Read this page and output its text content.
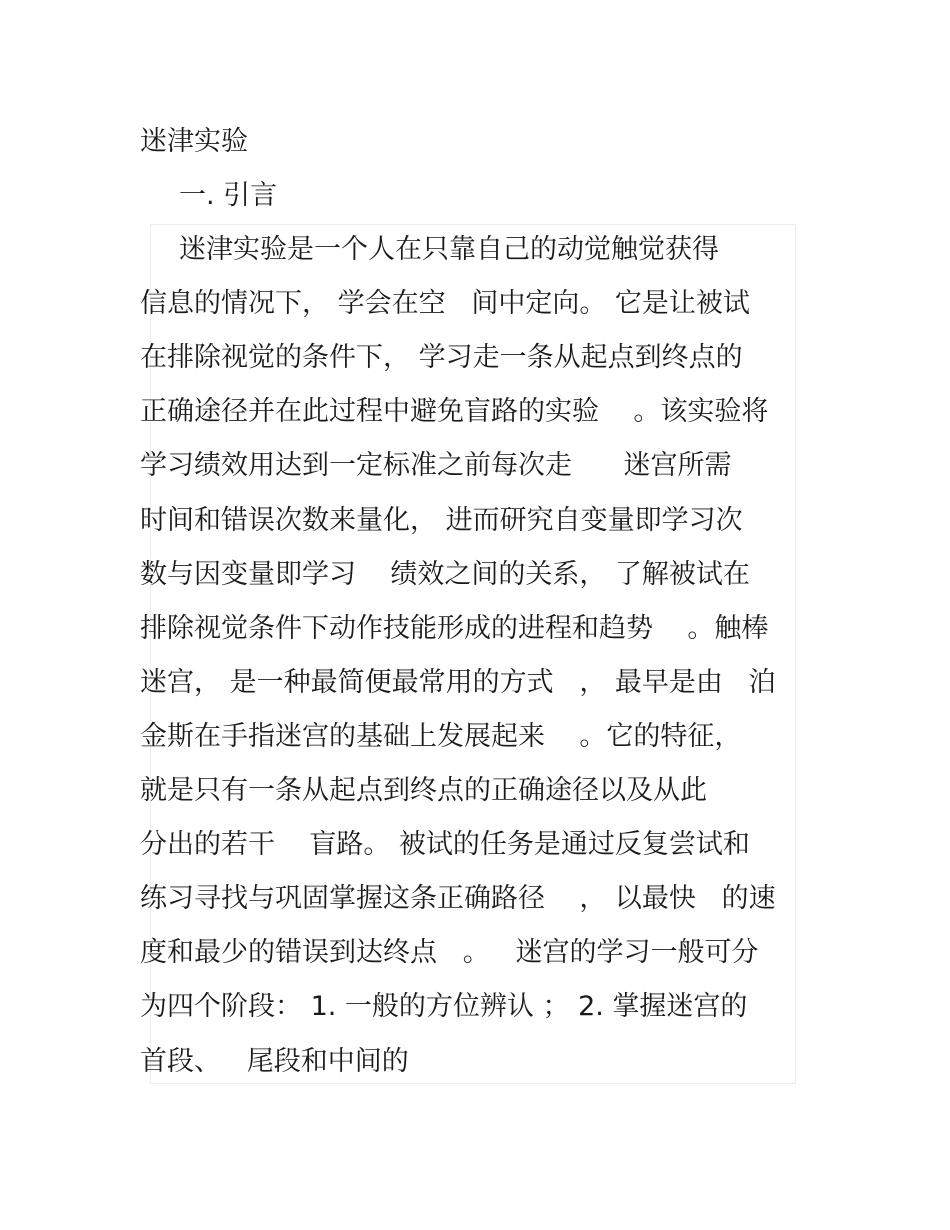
迷津实验
一. 引言
迷津实验是一个人在只靠自己的动觉触觉获得
信息的情况下， 学会在空   间中定向。 它是让被试
在排除视觉的条件下， 学习走一条从起点到终点的
正确途径并在此过程中避免盲路的实验    。该实验将
学习绩效用达到一定标准之前每次走      迷宫所需
时间和错误次数来量化， 进而研究自变量即学习次
数与因变量即学习    绩效之间的关系， 了解被试在
排除视觉条件下动作技能形成的进程和趋势    。触棒
迷宫， 是一种最简便最常用的方式   ， 最早是由   泊
金斯在手指迷宫的基础上发展起来    。它的特征，
就是只有一条从起点到终点的正确途径以及从此
分出的若干    盲路。 被试的任务是通过反复尝试和
练习寻找与巩固掌握这条正确路径    ， 以最快   的速
度和最少的错误到达终点   。   迷宫的学习一般可分
为四个阶段： 1. 一般的方位辨认 ； 2. 掌握迷宫的
首段、   尾段和中间的
